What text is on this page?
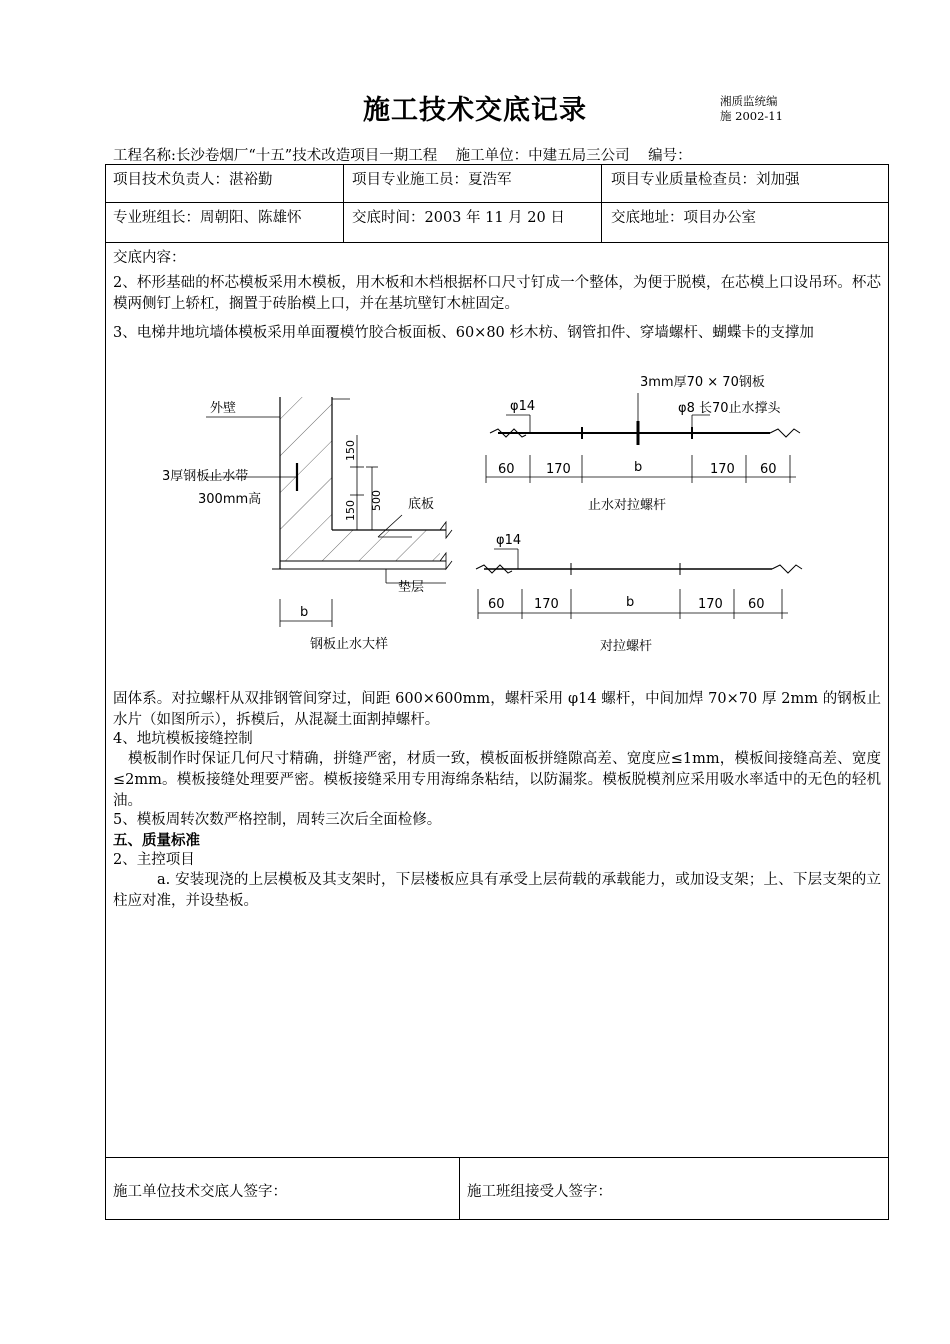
施工技术交底记录	湘质监统编
施 2002-11
工程名称:长沙卷烟厂“十五”技术改造项目一期工程    施工单位：中建五局三公司    编号：
项目技术负责人：湛裕勤	项目专业施工员：夏浩军	项目专业质量检查员：刘加强
专业班组长：周朝阳、陈雄怀	交底时间：2003 年 11 月 20 日	交底地址：项目办公室
交底内容：
2、杯形基础的杯芯模板采用木模板，用木板和木档根据杯口尺寸钉成一个整体，为便于脱模，在芯模上口设吊环。杯芯模两侧钉上轿杠，搁置于砖胎模上口，并在基坑壁钉木桩固定。
3、电梯井地坑墙体模板采用单面覆模竹胶合板面板、60×80 杉木枋、钢管扣件、穿墙螺杆、蝴蝶卡的支撑加
外壁
3厚钢板止水带
300mm高	底板
垫层
150
150 500
b
钢板止水大样
3mm厚70 × 70钢板
φ14	φ8 长70止水撑头
60 170	b	170 60
止水对拉螺杆
φ14
60 170	b	170 60
对拉螺杆
固体系。对拉螺杆从双排钢管间穿过，间距 600×600mm，螺杆采用 φ14 螺杆，中间加焊 70×70 厚 2mm 的钢板止水片（如图所示），拆模后，从混凝土面割掉螺杆。
4、地坑模板接缝控制
模板制作时保证几何尺寸精确，拼缝严密，材质一致，模板面板拼缝隙高差、宽度应≤1mm，模板间接缝高差、宽度≤2mm。模板接缝处理要严密。模板接缝采用专用海绵条粘结，以防漏浆。模板脱模剂应采用吸水率适中的无色的轻机油。
5、模板周转次数严格控制，周转三次后全面检修。
五、质量标准
2、主控项目
a. 安装现浇的上层模板及其支架时，下层楼板应具有承受上层荷载的承载能力，或加设支架；上、下层支架的立柱应对准，并设垫板。
施工单位技术交底人签字：	施工班组接受人签字：
